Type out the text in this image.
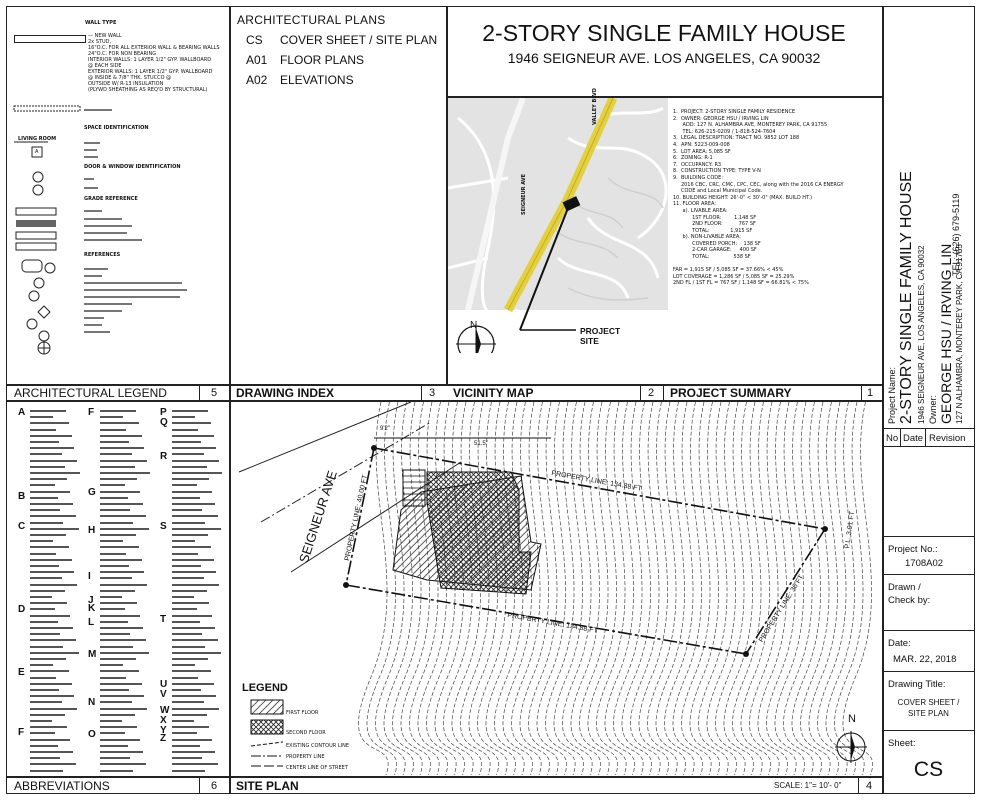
ARCHITECTURAL LEGEND	5 DRAWING INDEX	3 VICINITY MAP	2 PROJECT SUMMARY	1
ABBREVIATIONS	6 SITE PLAN	SCALE: 1"= 10'- 0" 4
ARCHITECTURAL PLANS
CS COVER SHEET / SITE PLAN
A01 FLOOR PLANS
A02 ELEVATIONS
2-STORY SINGLE FAMILY HOUSE
1946 SEIGNEUR AVE. LOS ANGELES, CA 90032
WALL TYPE
— NEW WALL
2x STUD,
16"O.C. FOR ALL EXTERIOR WALL & BEARING WALLS
24"O.C. FOR NON BEARING
INTERIOR WALLS: 1 LAYER 1/2" GYP. WALLBOARD
@ EACH SIDE
EXTERIOR WALLS: 1 LAYER 1/2" GYP. WALLBOARD
@ INSIDE & 7/8" THK. STUCCO @
OUTSIDE W/ R-13 INSULATION
(PLYWD SHEATHING AS REQ'D BY STRUCTURAL)
SPACE IDENTIFICATION
LIVING ROOM
A
DOOR & WINDOW IDENTIFICATION
GRADE REFERENCE
REFERENCES
N	PROJECT
SITE
SEIGNEUR AVE
VALLEY BLVD	1.  PROJECT: 2-STORY SINGLE FAMILY RESIDENCE
2.  OWNER: GEORGE HSU / IRVING LIN
ADD: 127 N. ALHAMBRA AVE, MONTEREY PARK, CA 91755
TEL: 626-215-0209 / 1-818-524-7604
3.  LEGAL DESCRIPTION: TRACT NO. 9852 LOT 188
4.  APN: 5223-009-008
5.  LOT AREA: 5,085 SF
6.  ZONING: R-1
7.  OCCUPANCY: R3
8.  CONSTRUCTION TYPE: TYPE V-N
9.  BUILDING CODE:
2016 CBC, CRC, CMC, CPC, CEC, along with the 2016 CA ENERGY
CODE and Local Municipal Code.
10. BUILDING HEIGHT: 26'-0" < 30'-0" (MAX. BUILD HT.)
11. FLOOR AREA:
a). LIVABLE AREA:
1ST FLOOR:        1,148 SF
2ND FLOOR:          767 SF
TOTAL:             1,915 SF
b). NON-LIVABLE AREA:
COVERED PORCH:    138 SF
2-CAR GARAGE:     400 SF
TOTAL:               538 SF

FAR = 1,915 SF / 5,085 SF = 37.66% < 45%
LOT COVERAGE = 1,286 SF / 5,085 SF = 25.29%
2ND FL / 1ST FL = 767 SF / 1,148 SF = 66.81% < 75%
A
B
C
D
E
F
F
G
H
I
J
K
L
M
N
O
P
Q
R
S
T
U
V
W
X
Y
Z
SEIGNEUR AVE	PROPERTY LINE: 134.88 FT
PROPERTY LINE: 134.88 FT
PROPERTY LINE: 40.00 FT
PROPERTY LINE: 36 FT
P.L. 3.91 FT
9'2"
51.5"
N
LEGEND
FIRST FLOOR
SECOND FLOOR
EXISTING CONTOUR LINE
PROPERTY LINE
CENTER LINE OF STREET
Project Name: 2-STORY SINGLE FAMILY HOUSE 1946 SEIGNEUR AVE, LOS ANGELES, CA 90032 Owner: GEORGE HSU / IRVING LIN 127 N ALHAMBRA, MONTEREY PARK, CA 91755
TEL: (626) 679-5119
No Date Revision
Project No.:
1708A02
Drawn /
Check by:
Date:
MAR. 22, 2018
Drawing Title:
COVER SHEET /
SITE PLAN
Sheet:
CS
